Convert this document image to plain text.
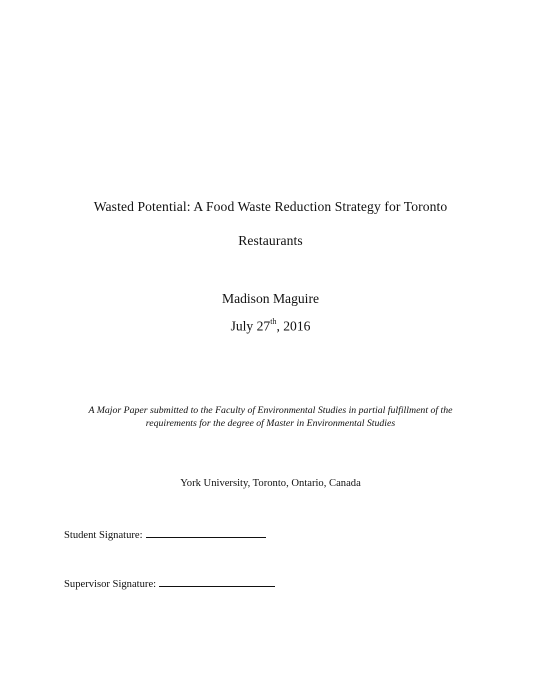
Wasted Potential: A Food Waste Reduction Strategy for Toronto
Restaurants
Madison Maguire
July 27th, 2016
A Major Paper submitted to the Faculty of Environmental Studies in partial fulfillment of the
requirements for the degree of Master in Environmental Studies
York University, Toronto, Ontario, Canada
Student Signature:
Supervisor Signature:
